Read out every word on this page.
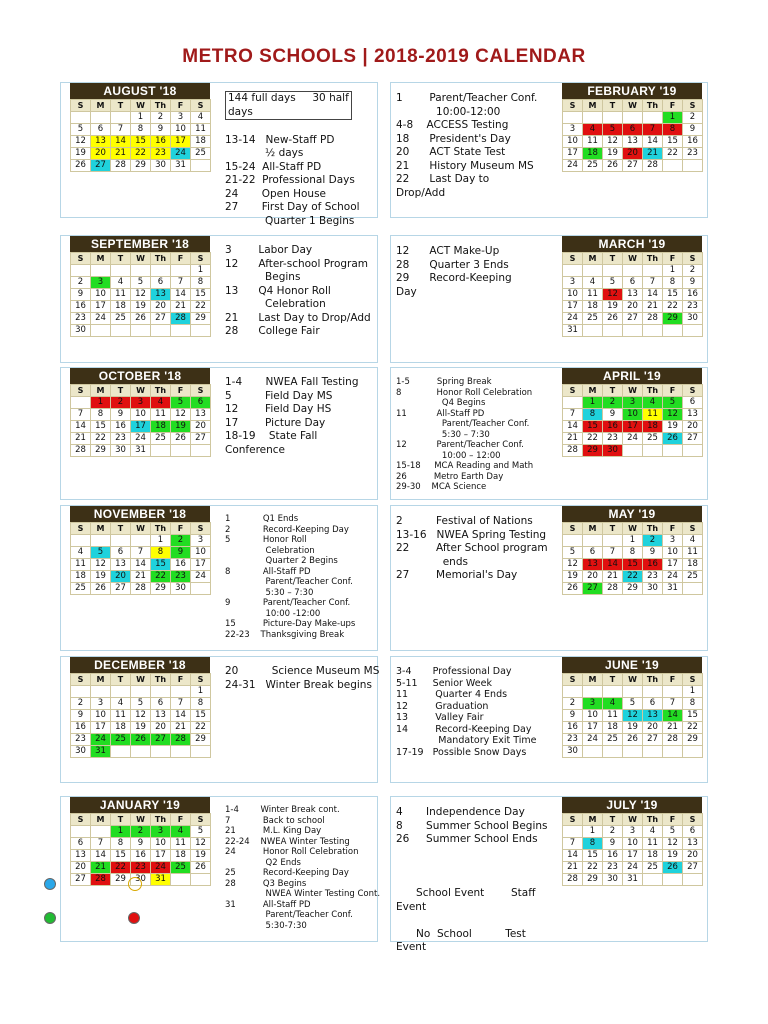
METRO SCHOOLS | 2018-2019 CALENDAR
AUGUST '18
S	M	T	W	Th	F	S
			1	2	3	4
5	6	7	8	9	10	11
12	13	14	15	16	17	18
19	20	21	22	23	24	25
26	27	28	29	30	31	
144 full days     30 half
days

13-14   New-Staff PD
½ days
15-24  All-Staff PD
21-22  Professional Days
24       Open House
27       First Day of School
Quarter 1 Begins
SEPTEMBER '18
S	M	T	W	Th	F	S
						1
2	3	4	5	6	7	8
9	10	11	12	13	14	15
16	17	18	19	20	21	22
23	24	25	26	27	28	29
30						
3        Labor Day
12      After-school Program
Begins
13      Q4 Honor Roll
Celebration
21      Last Day to Drop/Add
28      College Fair
OCTOBER '18
S	M	T	W	Th	F	S
	1	2	3	4	5	6
7	8	9	10	11	12	13
14	15	16	17	18	19	20
21	22	23	24	25	26	27
28	29	30	31			
1-4       NWEA Fall Testing
5          Field Day MS
12        Field Day HS
17        Picture Day
18-19    State Fall
Conference
NOVEMBER '18
S	M	T	W	Th	F	S
				1	2	3
4	5	6	7	8	9	10
11	12	13	14	15	16	17
18	19	20	21	22	23	24
25	26	27	28	29	30	
1            Q1 Ends
2            Record-Keeping Day
5            Honor Roll
Celebration
Quarter 2 Begins
8            All-Staff PD
Parent/Teacher Conf.
5:30 – 7:30
9            Parent/Teacher Conf.
10:00 -12:00
15          Picture-Day Make-ups
22-23    Thanksgiving Break
DECEMBER '18
S	M	T	W	Th	F	S
						1
2	3	4	5	6	7	8
9	10	11	12	13	14	15
16	17	18	19	20	21	22
23	24	25	26	27	28	29
30	31					
20          Science Museum MS
24-31   Winter Break begins
JANUARY '19
S	M	T	W	Th	F	S
		1	2	3	4	5
6	7	8	9	10	11	12
13	14	15	16	17	18	19
20	21	22	23	24	25	26
27	28	29	30	31		
1-4        Winter Break cont.
7            Back to school
21          M.L. King Day
22-24    NWEA Winter Testing
24          Honor Roll Celebration
Q2 Ends
25          Record-Keeping Day
28          Q3 Begins
NWEA Winter Testing Cont.
31          All-Staff PD
Parent/Teacher Conf.
5:30-7:30
FEBRUARY '19
S	M	T	W	Th	F	S
					1	2
3	4	5	6	7	8	9
10	11	12	13	14	15	16
17	18	19	20	21	22	23
24	25	26	27	28		
1        Parent/Teacher Conf.
10:00-12:00
4-8    ACCESS Testing
18      President's Day
20      ACT State Test
21      History Museum MS
22      Last Day to
Drop/Add
MARCH '19
S	M	T	W	Th	F	S
					1	2
3	4	5	6	7	8	9
10	11	12	13	14	15	16
17	18	19	20	21	22	23
24	25	26	27	28	29	30
31						
12      ACT Make-Up
28      Quarter 3 Ends
29      Record-Keeping
Day
APRIL '19
S	M	T	W	Th	F	S
	1	2	3	4	5	6
7	8	9	10	11	12	13
14	15	16	17	18	19	20
21	22	23	24	25	26	27
28	29	30				
1-5          Spring Break
8             Honor Roll Celebration
Q4 Begins
11           All-Staff PD
Parent/Teacher Conf.
5:30 – 7:30
12           Parent/Teacher Conf.
10:00 – 12:00
15-18     MCA Reading and Math
26          Metro Earth Day
29-30    MCA Science
MAY '19
S	M	T	W	Th	F	S
			1	2	3	4
5	6	7	8	9	10	11
12	13	14	15	16	17	18
19	20	21	22	23	24	25
26	27	28	29	30	31	
2          Festival of Nations
13-16   NWEA Spring Testing
22        After School program
ends
27        Memorial's Day
JUNE '19
S	M	T	W	Th	F	S
						1
2	3	4	5	6	7	8
9	10	11	12	13	14	15
16	17	18	19	20	21	22
23	24	25	26	27	28	29
30						
3-4       Professional Day
5-11     Senior Week
11         Quarter 4 Ends
12         Graduation
13         Valley Fair
14         Record-Keeping Day
Mandatory Exit Time
17-19   Possible Snow Days
JULY '19
S	M	T	W	Th	F	S
	1	2	3	4	5	6
7	8	9	10	11	12	13
14	15	16	17	18	19	20
21	22	23	24	25	26	27
28	29	30	31			
4       Independence Day
8       Summer School Begins
26     Summer School Ends

School Event        Staff
Event

No  School          Test
Event
